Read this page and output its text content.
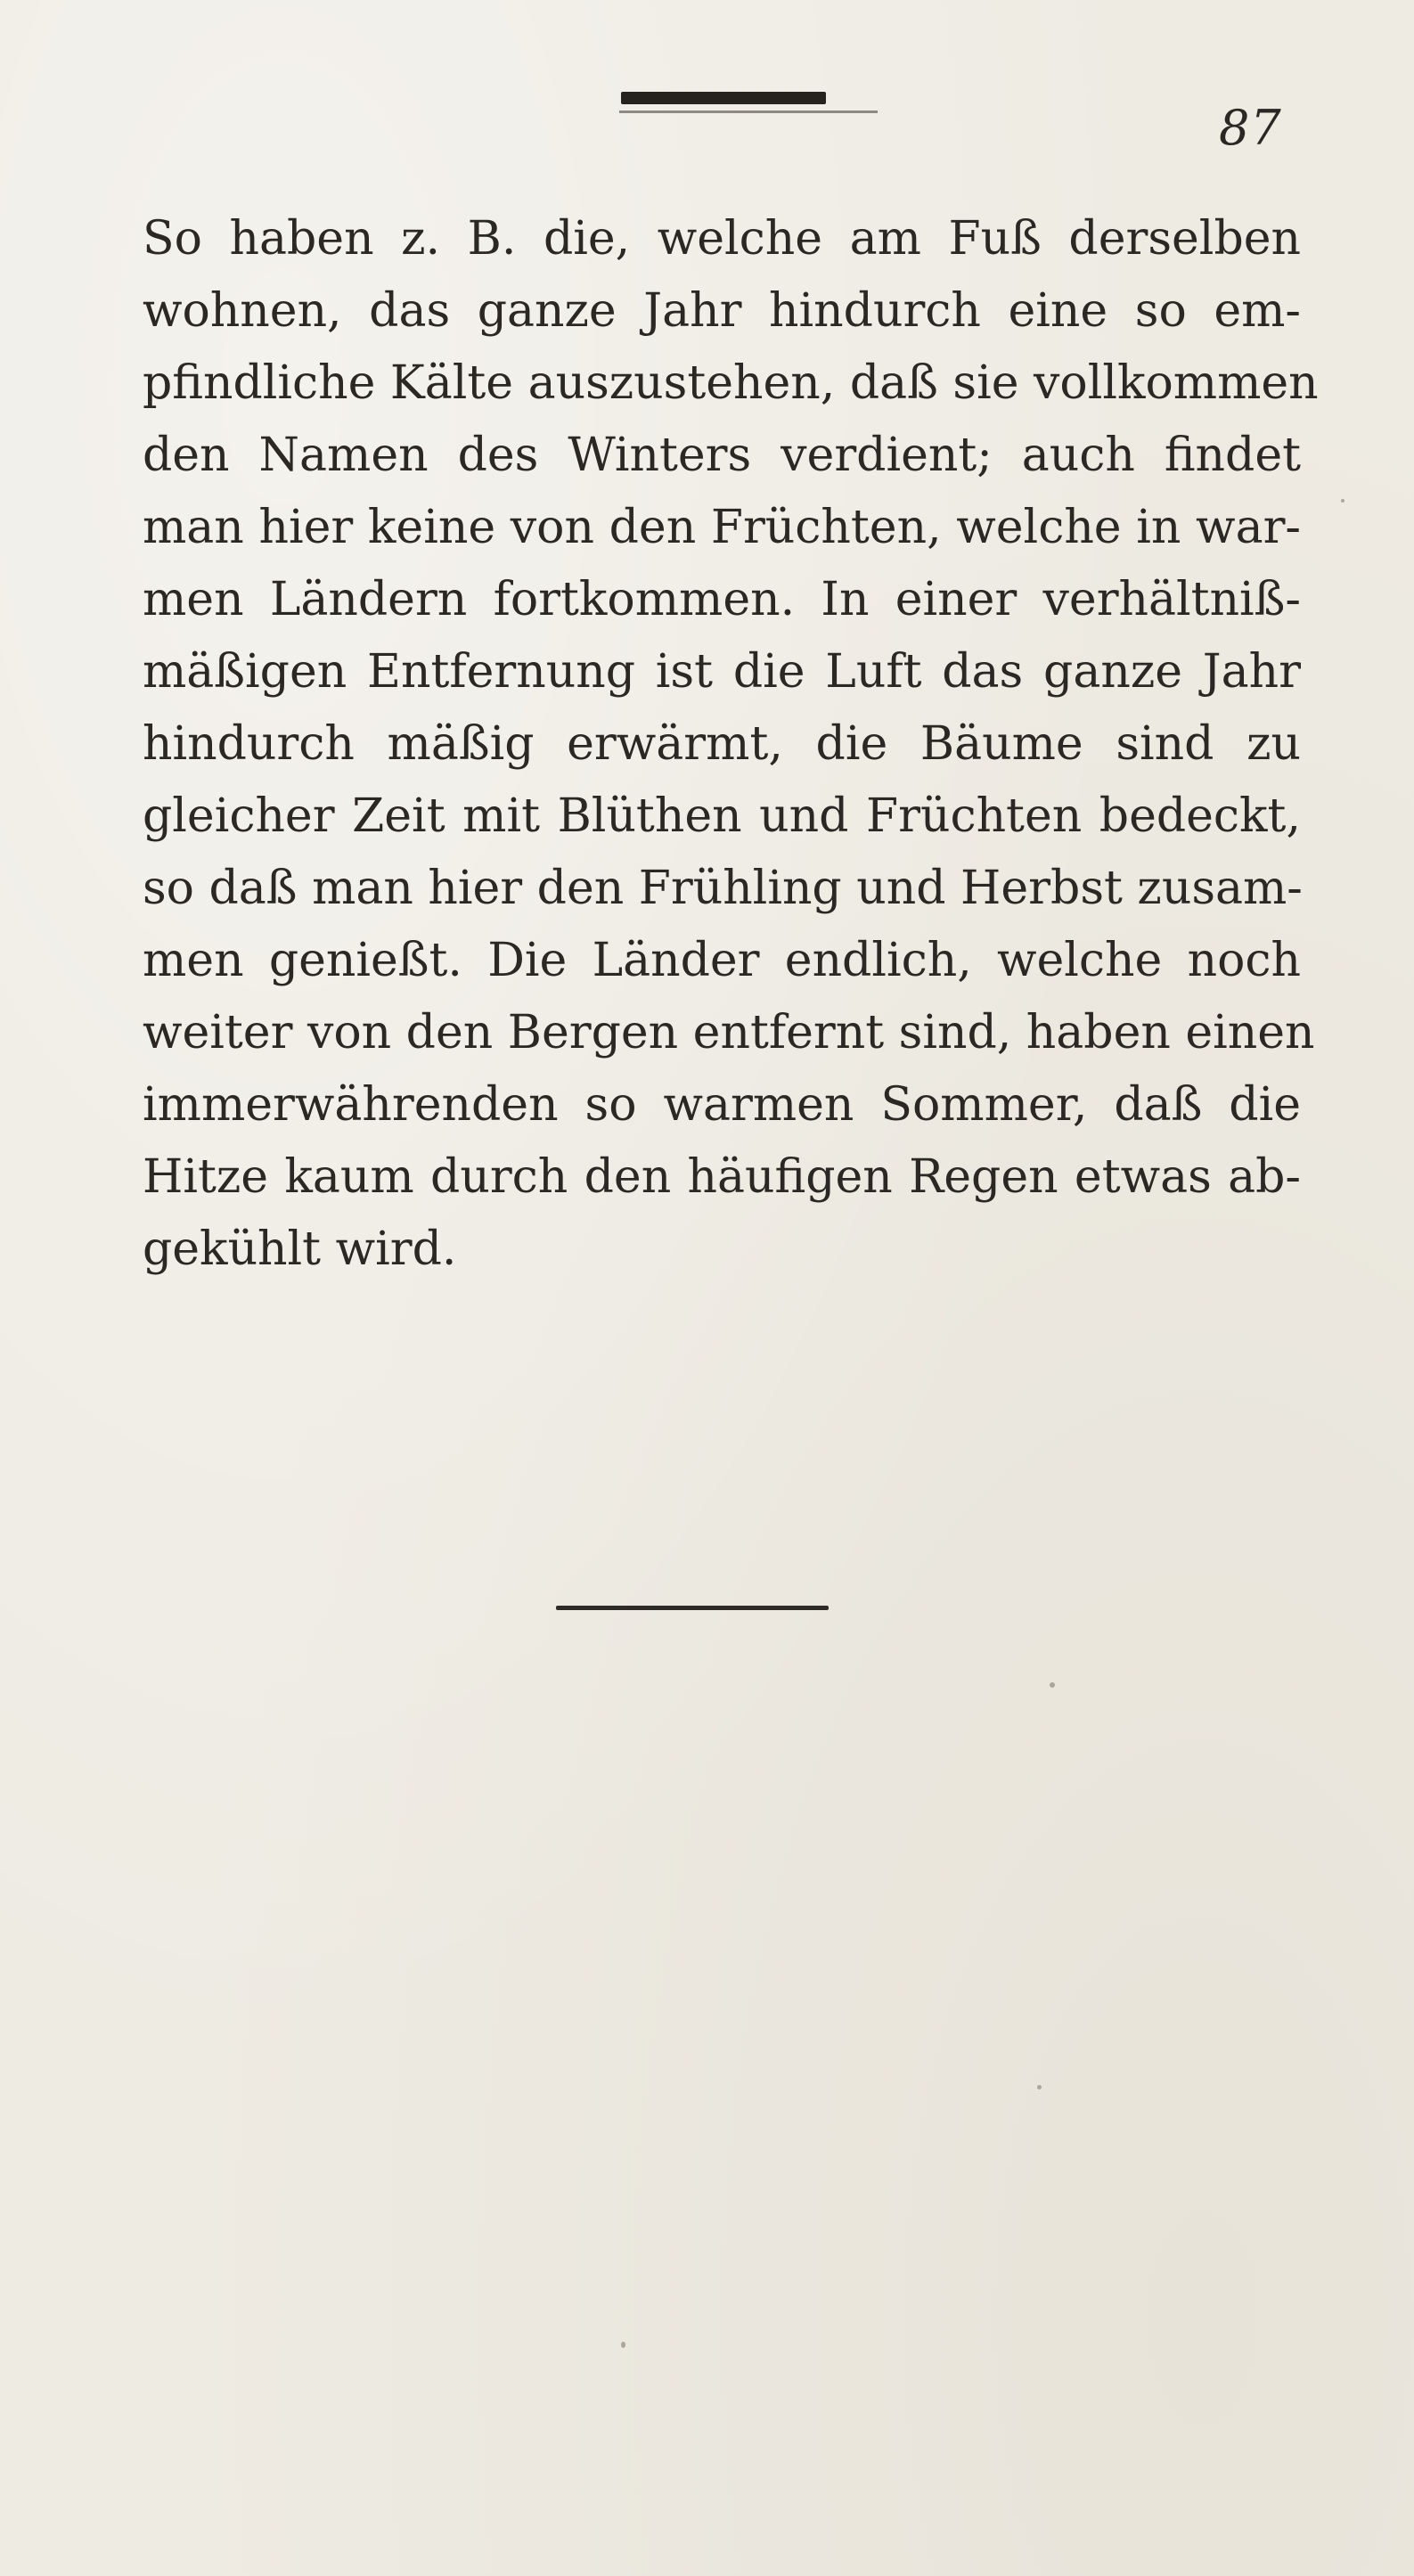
87
So haben z. B. die, welche am Fuß derselben
wohnen, das ganze Jahr hindurch eine so em-
pfindliche Kälte auszustehen, daß sie vollkommen
den Namen des Winters verdient; auch findet
man hier keine von den Früchten, welche in war-
men Ländern fortkommen. In einer verhältniß-
mäßigen Entfernung ist die Luft das ganze Jahr
hindurch mäßig erwärmt, die Bäume sind zu
gleicher Zeit mit Blüthen und Früchten bedeckt,
so daß man hier den Frühling und Herbst zusam-
men genießt. Die Länder endlich, welche noch
weiter von den Bergen entfernt sind, haben einen
immerwährenden so warmen Sommer, daß die
Hitze kaum durch den häufigen Regen etwas ab-
gekühlt wird.
